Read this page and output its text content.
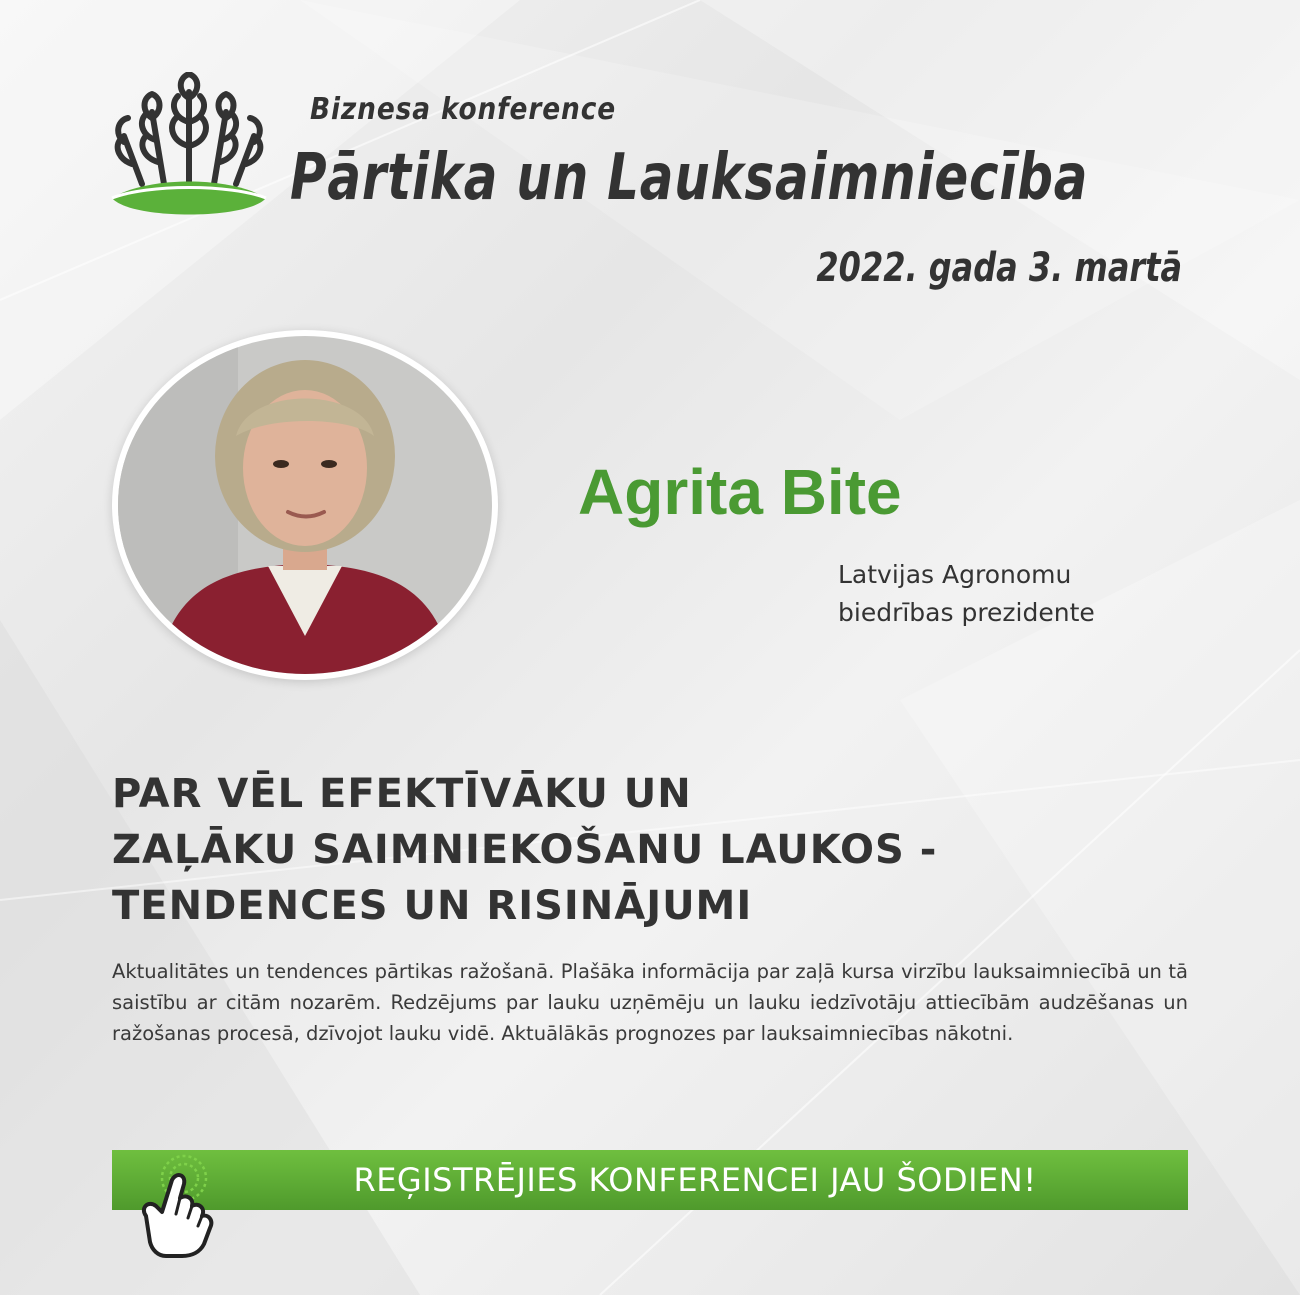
Biznesa konference
Pārtika un Lauksaimniecība
2022. gada 3. martā
Agrita Bite
Latvijas Agronomu
biedrības prezidente
PAR VĒL EFEKTĪVĀKU UN
ZAĻĀKU SAIMNIEKOŠANU LAUKOS -
TENDENCES UN RISINĀJUMI
Aktualitātes un tendences pārtikas ražošanā. Plašāka informācija par zaļā kursa virzību lauksaimniecībā un tā saistību ar citām nozarēm. Redzējums par lauku uzņēmēju un lauku iedzīvotāju attiecībām audzēšanas un ražošanas procesā, dzīvojot lauku vidē. Aktuālākās prognozes par lauksaimniecības nākotni.
REĢISTRĒJIES KONFERENCEI JAU ŠODIEN!
